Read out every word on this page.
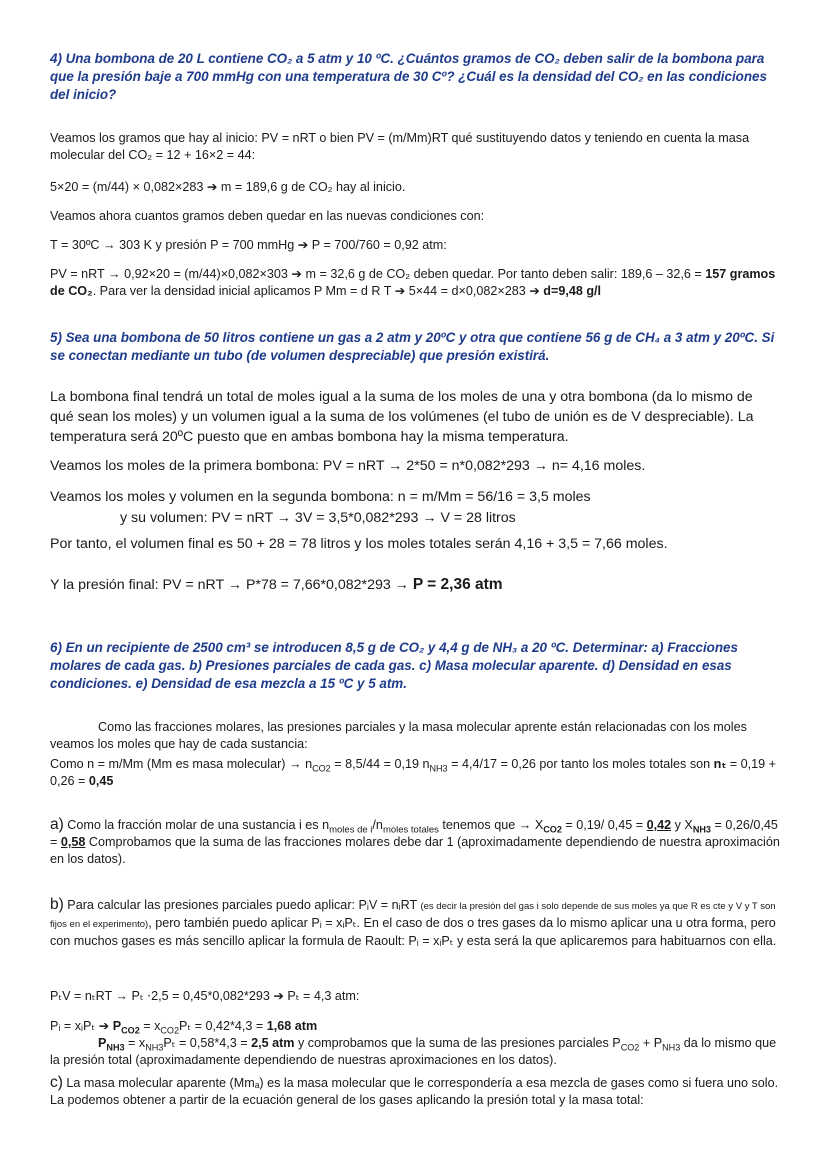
4) Una bombona de 20 L contiene CO₂ a 5 atm y 10 ºC. ¿Cuántos gramos de CO₂ deben salir de la bombona para que la presión baje a 700 mmHg con una temperatura de 30 Cº? ¿Cuál es la densidad del CO₂ en las condiciones del inicio?

Veamos los gramos que hay al inicio: PV = nRT o bien PV = (m/Mm)RT qué sustituyendo datos y teniendo en cuenta la masa molecular del CO₂ = 12 + 16×2 = 44:

5×20 = (m/44) × 0,082×283 ➔ m = 189,6 g de CO₂ hay al inicio.

Veamos ahora cuantos gramos deben quedar en las nuevas condiciones con:

T = 30ºC → 303 K y presión P = 700 mmHg ➔ P = 700/760 = 0,92 atm:

PV = nRT → 0,92×20 = (m/44)×0,082×303 ➔ m = 32,6 g de CO₂ deben quedar. Por tanto deben salir: 189,6 – 32,6 = 157 gramos de CO₂. Para ver la densidad inicial aplicamos P Mm = d R T ➔ 5×44 = d×0,082×283 ➔ d=9,48 g/l

5) Sea una bombona de 50 litros contiene un gas a 2 atm y 20ºC y otra que contiene 56 g de CH₄ a 3 atm y 20ºC. Si se conectan mediante un tubo (de volumen despreciable) que presión existirá.

La bombona final tendrá un total de moles igual a la suma de los moles de una y otra bombona (da lo mismo de qué sean los moles) y un volumen igual a la suma de los volúmenes (el tubo de unión es de V despreciable). La temperatura será 20ºC puesto que en ambas bombona hay la misma temperatura.

Veamos los moles de la primera bombona: PV = nRT → 2*50 = n*0,082*293 → n= 4,16 moles.

Veamos los moles y volumen en la segunda bombona: n = m/Mm = 56/16 = 3,5 moles

y su volumen: PV = nRT → 3V = 3,5*0,082*293 → V = 28 litros

Por tanto, el volumen final es 50 + 28 = 78 litros y los moles totales serán 4,16 + 3,5 = 7,66 moles.

Y la presión final: PV = nRT → P*78 = 7,66*0,082*293 → P = 2,36 atm

6) En un recipiente de 2500 cm³ se introducen 8,5 g de CO₂ y 4,4 g de NH₃ a 20 ºC. Determinar: a) Fracciones molares de cada gas. b) Presiones parciales de cada gas. c) Masa molecular aparente. d) Densidad en esas condiciones. e) Densidad de esa mezcla a 15 ºC y 5 atm.

Como las fracciones molares, las presiones parciales y la masa molecular aprente están relacionadas con los moles veamos los moles que hay de cada sustancia:

Como n = m/Mm (Mm es masa molecular) → $n_{CO2} = 8,5/44 = 0,19$ $n_{NH3} = 4,4/17 = 0,26$ por tanto los moles totales son nₜ = 0,19 + 0,26 = 0,45

a) Como la fracción molar de una sustancia i es $n_{moles de i}/n_{moles totales}$ tenemos que → $X_{CO2} = 0,19/$ 0,45 = 0,42 y $X_{NH3} = 0,26/0,45 = 0,58$ Comprobamos que la suma de las fracciones molares debe dar 1 (aproximadamente dependiendo de nuestra aproximación en los datos).

b) Para calcular las presiones parciales puedo aplicar: PᵢV = nᵢRT (es decir la presión del gas i solo depende de sus moles ya que R es cte y V y T son fijos en el experimento), pero también puedo aplicar Pᵢ = xᵢPₜ. En el caso de dos o tres gases da lo mismo aplicar una u otra forma, pero con muchos gases es más sencillo aplicar la formula de Raoult: Pᵢ = xᵢPₜ y esta será la que aplicaremos para habituarnos con ella.

PₜV = nₜRT → Pₜ ⋅2,5 = 0,45*0,082*293 ➔ Pₜ = 4,3 atm:

Pᵢ = xᵢPₜ ➔ $P_{CO2} = x_{CO2}P_t = 0,42*4,3 = 1,68$ atm

$P_{NH3} = x_{NH3}P_t = 0,58*4,3 = 2,5$ atm y comprobamos que la suma de las presiones parciales $P_{CO2} + P_{NH3}$ da lo mismo que la presión total (aproximadamente dependiendo de nuestras aproximaciones en los datos).

c) La masa molecular aparente (Mmₐ) es la masa molecular que le correspondería a esa mezcla de gases como si fuera uno solo. La podemos obtener a partir de la ecuación general de los gases aplicando la presión total y la masa total:
